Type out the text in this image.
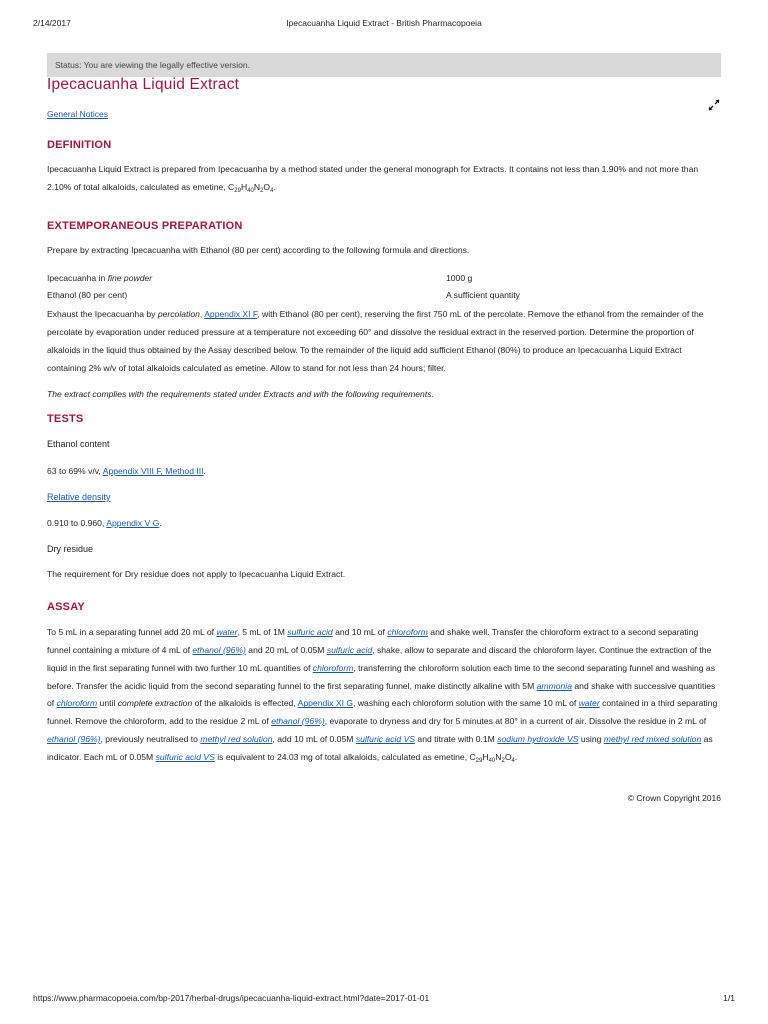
2/14/2017	Ipecacuanha Liquid Extract - British Pharmacopoeia
Status: You are viewing the legally effective version.
Ipecacuanha Liquid Extract
General Notices
DEFINITION

Ipecacuanha Liquid Extract is prepared from Ipecacuanha by a method stated under the general monograph for Extracts. It contains not less than 1.90% and not more than 2.10% of total alkaloids, calculated as emetine, $C_{29}H_{40}N_2O_4$.

EXTEMPORANEOUS PREPARATION

Prepare by extracting Ipecacuanha with Ethanol (80 per cent) according to the following formula and directions.

Ipecacuanha in fine powder	1000 g
Ethanol (80 per cent)	A sufficient quantity

Exhaust the Ipecacuanha by percolation, Appendix XI F, with Ethanol (80 per cent), reserving the first 750 mL of the percolate. Remove the ethanol from the remainder of the percolate by evaporation under reduced pressure at a temperature not exceeding 60° and dissolve the residual extract in the reserved portion. Determine the proportion of alkaloids in the liquid thus obtained by the Assay described below. To the remainder of the liquid add sufficient Ethanol (80%) to produce an Ipecacuanha Liquid Extract containing 2% w/v of total alkaloids calculated as emetine. Allow to stand for not less than 24 hours; filter.

The extract complies with the requirements stated under Extracts and with the following requirements.

TESTS

Ethanol content

63 to 69% v/v, Appendix VIII F, Method III.

Relative density

0.910 to 0.960, Appendix V G.

Dry residue

The requirement for Dry residue does not apply to Ipecacuanha Liquid Extract.

ASSAY

To 5 mL in a separating funnel add 20 mL of water, 5 mL of 1M sulfuric acid and 10 mL of chloroform and shake well. Transfer the chloroform extract to a second separating funnel containing a mixture of 4 mL of ethanol (96%) and 20 mL of 0.05M sulfuric acid, shake, allow to separate and discard the chloroform layer. Continue the extraction of the liquid in the first separating funnel with two further 10 mL quantities of chloroform, transferring the chloroform solution each time to the second separating funnel and washing as before. Transfer the acidic liquid from the second separating funnel to the first separating funnel, make distinctly alkaline with 5M ammonia and shake with successive quantities of chloroform until complete extraction of the alkaloids is effected, Appendix XI G, washing each chloroform solution with the same 10 mL of water contained in a third separating funnel. Remove the chloroform, add to the residue 2 mL of ethanol (96%), evaporate to dryness and dry for 5 minutes at 80° in a current of air. Dissolve the residue in 2 mL of ethanol (96%), previously neutralised to methyl red solution, add 10 mL of 0.05M sulfuric acid VS and titrate with 0.1M sodium hydroxide VS using methyl red mixed solution as indicator. Each mL of 0.05M sulfuric acid VS is equivalent to 24.03 mg of total alkaloids, calculated as emetine, $C_{29}H_{40}N_2O_4$.

© Crown Copyright 2016
https://www.pharmacopoeia.com/bp-2017/herbal-drugs/ipecacuanha-liquid-extract.html?date=2017-01-01	1/1
